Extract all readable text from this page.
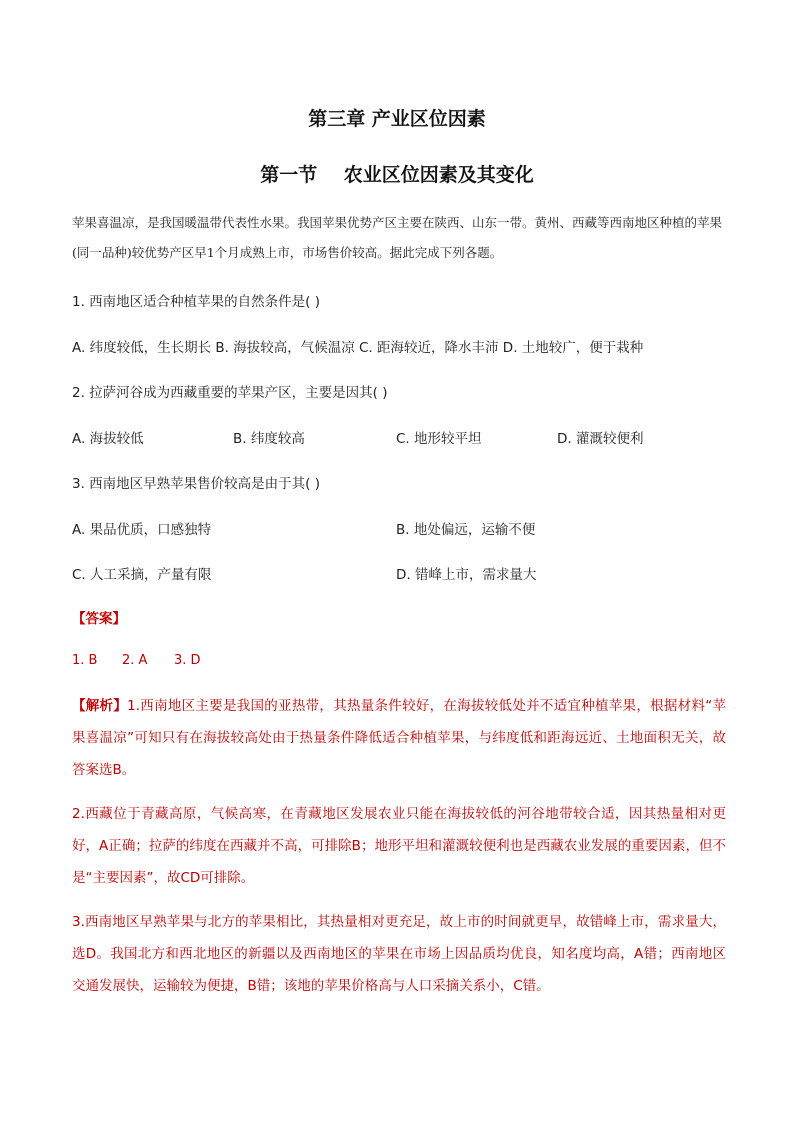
第三章 产业区位因素
第一节    农业区位因素及其变化
苹果喜温凉，是我国暖温带代表性水果。我国苹果优势产区主要在陕西、山东一带。黄州、西藏等西南地区种植的苹果(同一品种)较优势产区早1个月成熟上市，市场售价较高。据此完成下列各题。
1. 西南地区适合种植苹果的自然条件是( )
A. 纬度较低，生长期长 B. 海拔较高，气候温凉 C. 距海较近，降水丰沛 D. 土地较广，便于栽种
2. 拉萨河谷成为西藏重要的苹果产区，主要是因其( )
A. 海拔较低	B. 纬度较高	C. 地形较平坦	D. 灌溉较便利
3. 西南地区早熟苹果售价较高是由于其( )
A. 果品优质，口感独特	B. 地处偏远，运输不便
C. 人工采摘，产量有限	D. 错峰上市，需求量大
【答案】
1. B 2. A 3. D
【解析】1.西南地区主要是我国的亚热带，其热量条件较好，在海拔较低处并不适宜种植苹果，根据材料“苹果喜温凉”可知只有在海拔较高处由于热量条件降低适合种植苹果，与纬度低和距海远近、土地面积无关，故答案选B。
2.西藏位于青藏高原，气候高寒，在青藏地区发展农业只能在海拔较低的河谷地带较合适，因其热量相对更好，A正确；拉萨的纬度在西藏并不高，可排除B；地形平坦和灌溉较便利也是西藏农业发展的重要因素，但不是“主要因素”，故CD可排除。
3.西南地区早熟苹果与北方的苹果相比，其热量相对更充足，故上市的时间就更早，故错峰上市，需求量大，选D。我国北方和西北地区的新疆以及西南地区的苹果在市场上因品质均优良，知名度均高，A错；西南地区交通发展快，运输较为便捷，B错；该地的苹果价格高与人口采摘关系小，C错。
